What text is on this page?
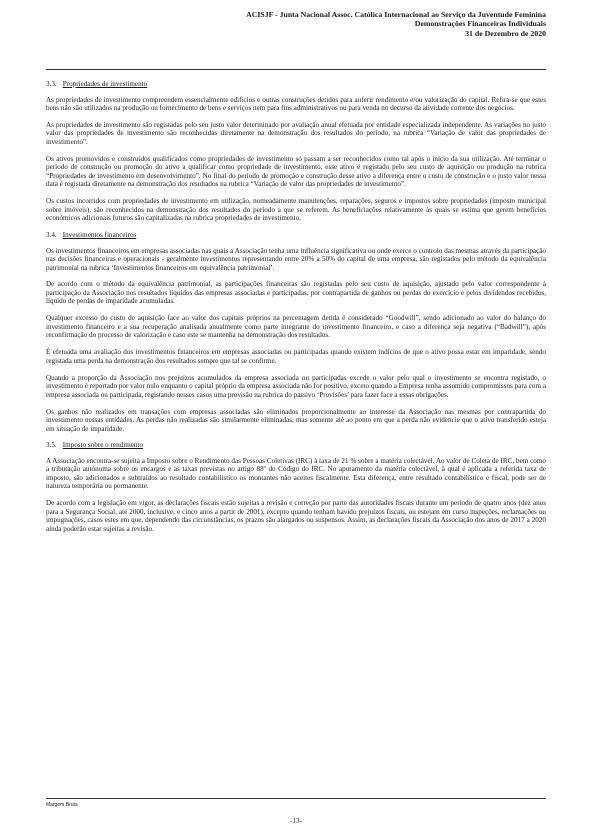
ACISJF - Junta Nacional Assoc. Católica Internacional ao Serviço da Juventude Feminina
Demonstrações Financeiras Individuais
31 de Dezembro de 2020
3.3. Propriedades de investimento

As propriedades de investimento compreendem essencialmente edifícios e outras construções detidos para auferir rendimento e/ou valorização do capital. Refira-se que estes bens não são utilizados na produção ou fornecimento de bens e serviços nem para fins administrativos ou para venda no decurso da atividade corrente dos negócios.

As propriedades de investimento são registadas pelo seu justo valor determinado por avaliação anual efetuada por entidade especializada independente. As variações no justo valor das propriedades de investimento são reconhecidas diretamente na demonstração dos resultados do período, na rubrica “Variação de valor das propriedades de investimento”.

Os ativos promovidos e construídos qualificados como propriedades de investimento só passam a ser reconhecidos como tal após o início da sua utilização. Até terminar o período de construção ou promoção do ativo a qualificar como propriedade de investimento, esse ativo é registado pelo seu custo de aquisição ou produção na rubrica “Propriedades de investimento em desenvolvimento”. No final do período de promoção e construção desse ativo a diferença entre o custo de construção e o justo valor nessa data é registada diretamente na demonstração dos resultados na rubrica “Variação de valor das propriedades de investimento”.

Os custos incorridos com propriedades de investimento em utilização, nomeadamente manutenções, reparações, seguros e impostos sobre propriedades (imposto municipal sobre imóveis), são reconhecidos na demonstração dos resultados do período a que se referem. As beneficiações relativamente às quais se estima que gerem benefícios económicos adicionais futuros são capitalizadas na rubrica propriedades de investimento.

3.4. Investimentos financeiros

Os investimentos financeiros em empresas associadas nas quais a Associação tenha uma influência significativa ou onde exerce o controlo das mesmas através da participação nas decisões financeiras e operacionais - geralmente investimentos representando entre 20% a 50% do capital de uma empresa, são registados pelo método da equivalência patrimonial na rubrica ‘Investimentos financeiros em equivalência patrimonial’.

De acordo com o método da equivalência patrimonial, as participações financeiras são registadas pelo seu custo de aquisição, ajustado pelo valor correspondente à participação da Associação nos resultados líquidos das empresas associadas e participadas, por contrapartida de ganhos ou perdas do exercício e pelos dividendos recebidos, líquido de perdas de imparidade acumuladas.

Qualquer excesso do custo de aquisição face ao valor dos capitais próprios na percentagem detida é considerado “Goodwill”, sendo adicionado ao valor do balanço do investimento financeiro e a sua recuperação analisada anualmente como parte integrante do investimento financeiro, e caso a diferença seja negativa (“Badwill”), após reconfirmação do processo de valorização e caso este se mantenha na demonstração dos resultados.

É efetuada uma avaliação dos investimentos financeiros em empresas associadas ou participadas quando existem indícios de que o ativo possa estar em imparidade, sendo registada uma perda na demonstração dos resultados sempre que tal se confirme.

Quando a proporção da Associação nos prejuízos acumulados da empresa associada ou participadas excede o valor pelo qual o investimento se encontra registado, o investimento é reportado por valor nulo enquanto o capital próprio da empresa associada não for positivo, exceto quando a Empresa tenha assumido compromissos para com a empresa associada ou participada, registando nesses casos uma provisão na rubrica do passivo ‘Provisões’ para fazer face a essas obrigações.

Os ganhos não realizados em transações com empresas associadas são eliminados proporcionalmente ao interesse da Associação nas mesmas por contrapartida do investimento nessas entidades. As perdas não realizadas são similarmente eliminadas, mas somente até ao ponto em que a perda não evidencie que o ativo transferido esteja em situação de imparidade.

3.5. Imposto sobre o rendimento

A Associação encontra-se sujeita a Imposto sobre o Rendimento das Pessoas Coletivas (IRC) à taxa de 21 % sobre a matéria colectável. Ao valor de Coleta de IRC, bem como a tributação autónoma sobre os encargos e as taxas previstas no artigo 88º do Código do IRC. No apuramento da matéria colectável, à qual é aplicada a referida taxa de imposto, são adicionados e subtraídos ao resultado contabilístico os montantes não aceites fiscalmente. Esta diferença, entre resultado contabilístico e fiscal, pode ser de natureza temporária ou permanente.

De acordo com a legislação em vigor, as declarações fiscais estão sujeitas a revisão e correção por parte das autoridades fiscais durante um período de quatro anos (dez anos para a Segurança Social, até 2000, inclusive, e cinco anos a partir de 2001), excepto quando tenham havido prejuízos fiscais, ou estejam em curso inspeções, reclamações ou impugnações, casos estes em que, dependendo das circunstâncias, os prazos são alargados ou suspensos. Assim, as declarações fiscais da Associação dos anos de 2017 a 2020 ainda poderão estar sujeitas a revisão.

Margem Bruta
-13-
